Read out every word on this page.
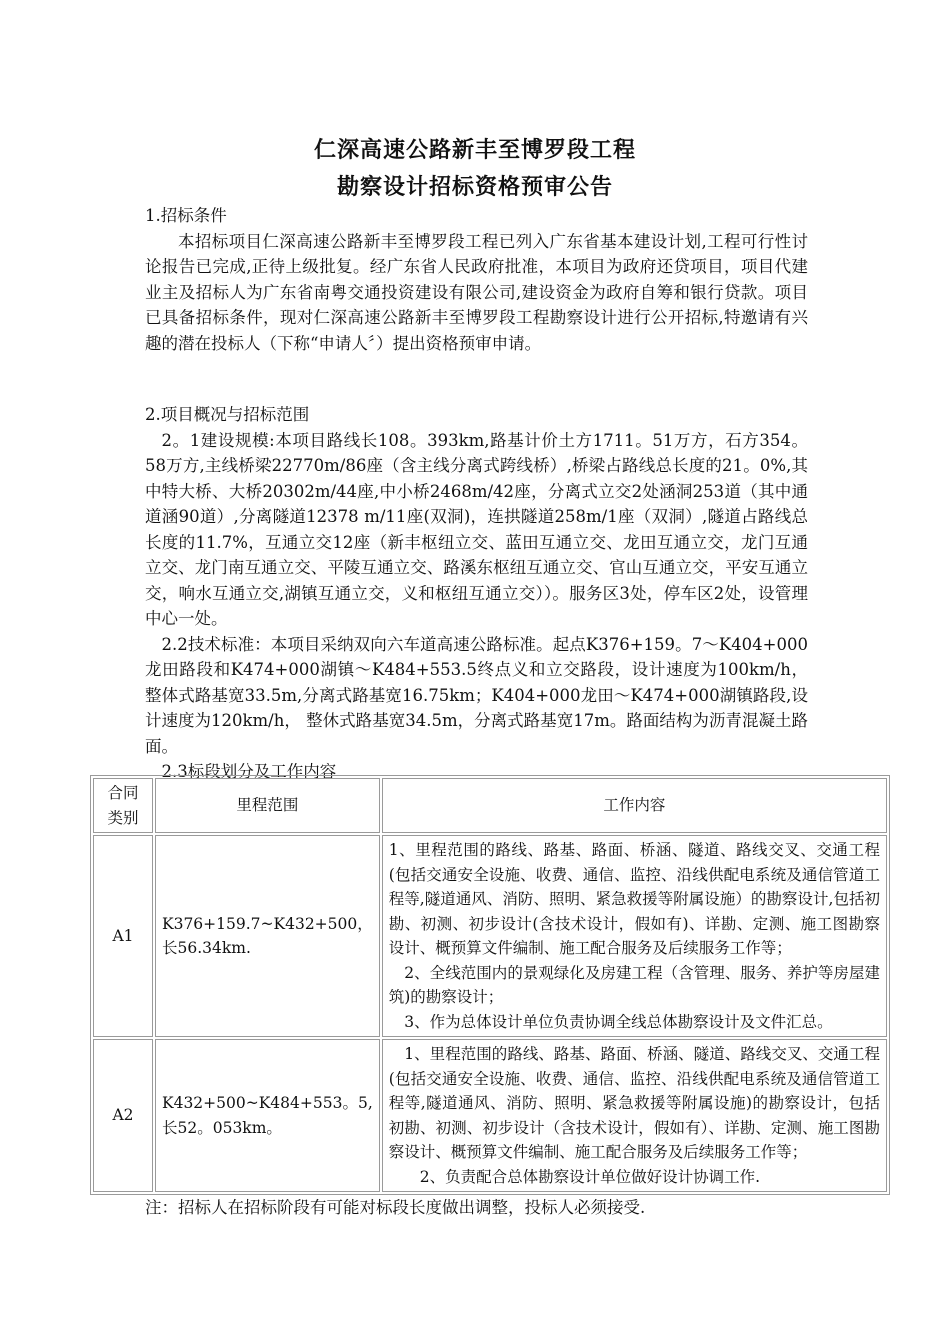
仁深高速公路新丰至博罗段工程
勘察设计招标资格预审公告
1.招标条件
本招标项目仁深高速公路新丰至博罗段工程已列入广东省基本建设计划,工程可行性讨论报告已完成,正待上级批复。经广东省人民政府批准，本项目为政府还贷项目，项目代建业主及招标人为广东省南粤交通投资建设有限公司,建设资金为政府自筹和银行贷款。项目已具备招标条件，现对仁深高速公路新丰至博罗段工程勘察设计进行公开招标,特邀请有兴趣的潜在投标人（下称“申请人〞）提出资格预审申请。
2.项目概况与招标范围
2。1建设规模:本项目路线长108。393km,路基计价土方1711。51万方，石方354。58万方,主线桥梁22770m/86座（含主线分离式跨线桥）,桥梁占路线总长度的21。0%,其中特大桥、大桥20302m/44座,中小桥2468m/42座，分离式立交2处涵洞253道（其中通道涵90道）,分离隧道12378 m/11座(双洞)，连拱隧道258m/1座（双洞）,隧道占路线总长度的11.7%，互通立交12座（新丰枢纽立交、蓝田互通立交、龙田互通立交，龙门互通立交、龙门南互通立交、平陵互通立交、路溪东枢纽互通立交、官山互通立交，平安互通立交，响水互通立交,湖镇互通立交，义和枢纽互通立交））。服务区3处，停车区2处，设管理中心一处。
2.2技术标准：本项目采纳双向六车道高速公路标准。起点K376+159。7～K404+000龙田路段和K474+000湖镇～K484+553.5终点义和立交路段，设计速度为100km/h， 整体式路基宽33.5m,分离式路基宽16.75km；K404+000龙田～K474+000湖镇路段,设计速度为120km/h， 整休式路基宽34.5m，分离式路基宽17m。路面结构为沥青混凝土路面。
2.3标段划分及工作内容
合同类别	里程范围	工作内容
A1	K376+159.7~K432+500，长56.34km.	1、里程范围的路线、路基、路面、桥涵、隧道、路线交叉、交通工程(包括交通安全设施、收费、通信、监控、沿线供配电系统及通信管道工程等,隧道通风、消防、照明、紧急救援等附属设施）的勘察设计,包括初勘、初测、初步设计(含技术设计，假如有)、详勘、定测、施工图勘察设计、概预算文件编制、施工配合服务及后续服务工作等；
2、全线范围内的景观绿化及房建工程（含管理、服务、养护等房屋建筑)的勘察设计；
3、作为总体设计单位负责协调全线总体勘察设计及文件汇总。

A2	K432+500~K484+553。5,长52。053km。	1、里程范围的路线、路基、路面、桥涵、隧道、路线交叉、交通工程(包括交通安全设施、收费、通信、监控、沿线供配电系统及通信管道工程等,隧道通风、消防、照明、紧急救援等附属设施)的勘察设计，包括初勘、初测、初步设计（含技术设计，假如有）、详勘、定测、施工图勘察设计、概预算文件编制、施工配合服务及后续服务工作等；
2、负责配合总体勘察设计单位做好设计协调工作.
注：招标人在招标阶段有可能对标段长度做出调整，投标人必须接受.
